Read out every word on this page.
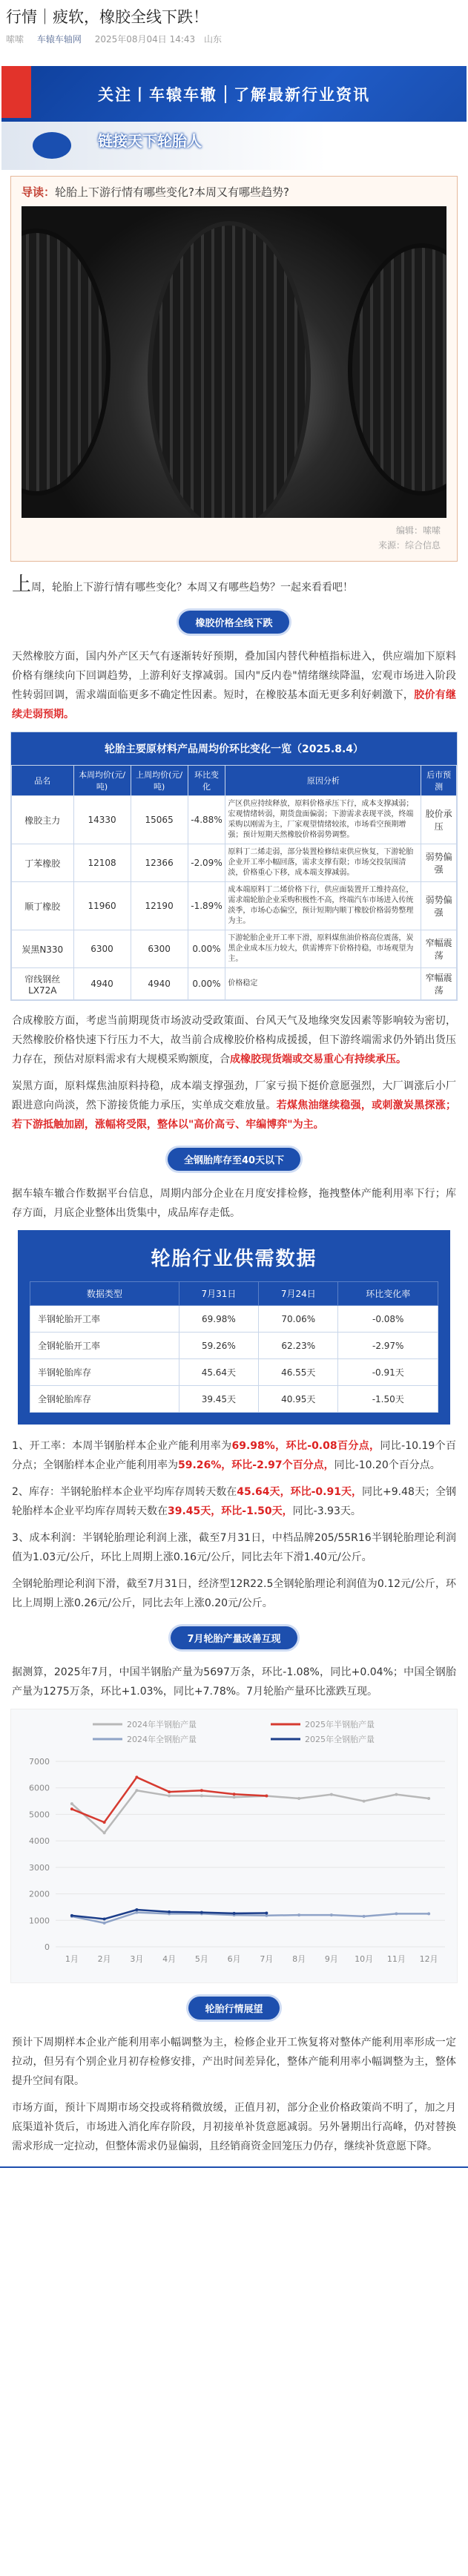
行情｜疲软，橡胶全线下跌！
嗦嗦 车辕车轴网 2025年08月04日 14:43 山东
关注丨车辕车辙 了解最新行业资讯
链接天下轮胎人
导读：轮胎上下游行情有哪些变化?本周又有哪些趋势?
编辑：嗦嗦
来源：综合信息
上周，轮胎上下游行情有哪些变化？本周又有哪些趋势？一起来看看吧！
橡胶价格全线下跌
天然橡胶方面，国内外产区天气有逐渐转好预期，叠加国内替代种植指标进入，供应端加下原料价格有继续向下回调趋势，上游利好支撑减弱。国内"反内卷"情绪继续降温，宏观市场进入阶段性转弱回调，需求端面临更多不确定性因素。短时，在橡胶基本面无更多利好刺激下，胶价有继续走弱预期。
轮胎主要原材料产品周均价环比变化一览（2025.8.4）
品名	本周均价(元/吨)	上周均价(元/吨)	环比变化	原因分析	后市预测
橡胶主力	14330	15065	-4.88%	产区供应持续释放，原料价格承压下行，成本支撑减弱；宏观情绪转弱，期货盘面偏弱；下游需求表现平淡，终端采购以刚需为主，厂家观望情绪较浓，市场看空预期增强；预计短期天然橡胶价格弱势调整。	胶价承压
丁苯橡胶	12108	12366	-2.09%	原料丁二烯走弱，部分装置检修结束供应恢复，下游轮胎企业开工率小幅回落，需求支撑有限；市场交投氛围清淡，价格重心下移，成本端支撑减弱。	弱势偏强
顺丁橡胶	11960	12190	-1.89%	成本端原料丁二烯价格下行，供应面装置开工维持高位，需求端轮胎企业采购积极性不高，终端汽车市场进入传统淡季，市场心态偏空，预计短期内顺丁橡胶价格弱势整理为主。	弱势偏强
炭黑N330	6300	6300	0.00%	下游轮胎企业开工率下滑，原料煤焦油价格高位震荡，炭黑企业成本压力较大，供需博弈下价格持稳，市场观望为主。	窄幅震荡
帘线钢丝LX72A	4940	4940	0.00%	价格稳定	窄幅震荡
合成橡胶方面，考虑当前期现货市场波动受政策面、台风天气及地缘突发因素等影响较为密切，天然橡胶价格快速下行压力不大，故当前合成橡胶价格构成援援，但下游终端需求仍外销出货压力存在，预估对原料需求有大规模采购额度，合成橡胶现货端或交易重心有持续承压。
炭黑方面，原料煤焦油原料持稳，成本端支撑强劲，厂家亏损下挺价意愿强烈，大厂调涨后小厂跟进意向尚淡，然下游接货能力承压，实单成交难放量。若煤焦油继续稳强，或刺激炭黑探涨；若下游抵触加剧，涨幅将受限，整体以"高价高亏、牢编博弈"为主。
全钢胎库存至40天以下
据车辕车辙合作数据平台信息，周期内部分企业在月度安排检修，拖拽整体产能利用率下行；库存方面，月底企业整体出货集中，成品库存走低。
轮胎行业供需数据
数据类型	7月31日	7月24日	环比变化率
半钢轮胎开工率	69.98%	70.06%	-0.08%
全钢轮胎开工率	59.26%	62.23%	-2.97%
半钢轮胎库存	45.64天	46.55天	-0.91天
全钢轮胎库存	39.45天	40.95天	-1.50天
1、开工率：本周半钢胎样本企业产能利用率为69.98%，环比-0.08百分点，同比-10.19个百分点；全钢胎样本企业产能利用率为59.26%，环比-2.97个百分点，同比-10.20个百分点。
2、库存：半钢轮胎样本企业平均库存周转天数在45.64天，环比-0.91天，同比+9.48天；全钢轮胎样本企业平均库存周转天数在39.45天，环比-1.50天，同比-3.93天。
3、成本利润：半钢轮胎理论利润上涨，截至7月31日，中档品牌205/55R16半钢轮胎理论利润值为1.03元/公斤，环比上周期上涨0.16元/公斤，同比去年下滑1.40元/公斤。
全钢轮胎理论利润下滑，截至7月31日，经济型12R22.5全钢轮胎理论利润值为0.12元/公斤，环比上周期上涨0.26元/公斤，同比去年上涨0.20元/公斤。
7月轮胎产量改善互现
据测算，2025年7月，中国半钢胎产量为5697万条，环比-1.08%，同比+0.04%；中国全钢胎产量为1275万条，环比+1.03%，同比+7.78%。7月轮胎产量环比涨跌互现。
2024年半钢胎产量	2025年半钢胎产量
2024年全钢胎产量	2025年全钢胎产量
0
1000
2000
3000
4000
5000
6000
7000
1月 2月 3月 4月 5月 6月 7月 8月 9月 10月 11月 12月
轮胎行情展望
预计下周期样本企业产能利用率小幅调整为主，检修企业开工恢复将对整体产能利用率形成一定拉动，但另有个别企业月初存检修安排，产出时间差异化，整体产能利用率小幅调整为主，整体提升空间有限。
市场方面，预计下周期市场交投或将稍微放缓，正值月初，部分企业价格政策尚不明了，加之月底渠道补货后，市场进入消化库存阶段，月初接单补货意愿减弱。另外暑期出行高峰，仍对替换需求形成一定拉动，但整体需求仍显偏弱，且经销商资金回笼压力仍存，继续补货意愿下降。
